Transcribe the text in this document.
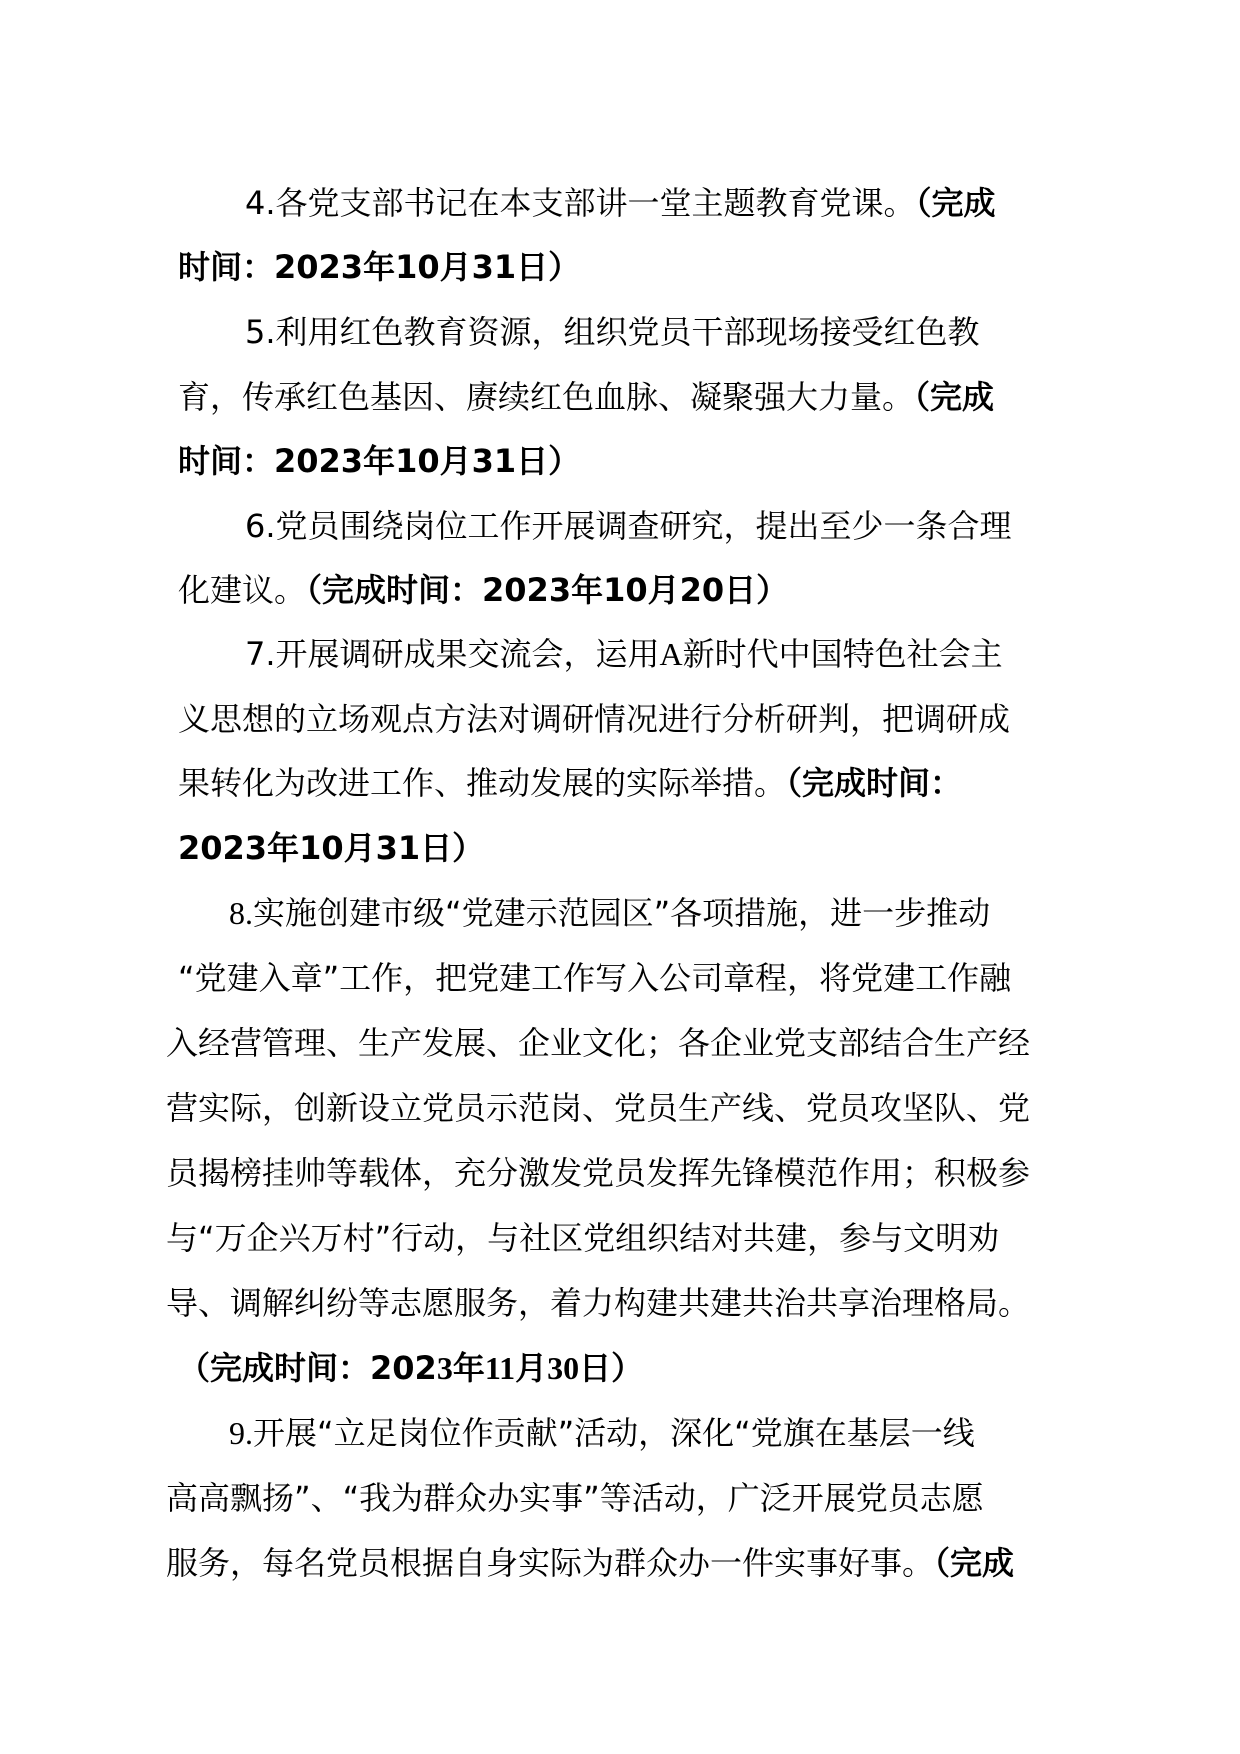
4.各党支部书记在本支部讲一堂主题教育党课。（完成
时间：2023年10月31日）
5.利用红色教育资源，组织党员干部现场接受红色教
育，传承红色基因、赓续红色血脉、凝聚强大力量。（完成
时间：2023年10月31日）
6.党员围绕岗位工作开展调查研究，提出至少一条合理
化建议。（完成时间：2023年10月20日）
7.开展调研成果交流会，运用A新时代中国特色社会主
义思想的立场观点方法对调研情况进行分析研判，把调研成
果转化为改进工作、推动发展的实际举措。（完成时间：
2023年10月31日）
8.实施创建市级“党建示范园区”各项措施，进一步推动
“党建入章”工作，把党建工作写入公司章程，将党建工作融
入经营管理、生产发展、企业文化；各企业党支部结合生产经
营实际，创新设立党员示范岗、党员生产线、党员攻坚队、党
员揭榜挂帅等载体，充分激发党员发挥先锋模范作用；积极参
与“万企兴万村”行动，与社区党组织结对共建，参与文明劝
导、调解纠纷等志愿服务，着力构建共建共治共享治理格局。
（完成时间：2023年11月30日）
9.开展“立足岗位作贡献”活动，深化“党旗在基层一线
高高飘扬”、“我为群众办实事”等活动，广泛开展党员志愿
服务，每名党员根据自身实际为群众办一件实事好事。（完成
